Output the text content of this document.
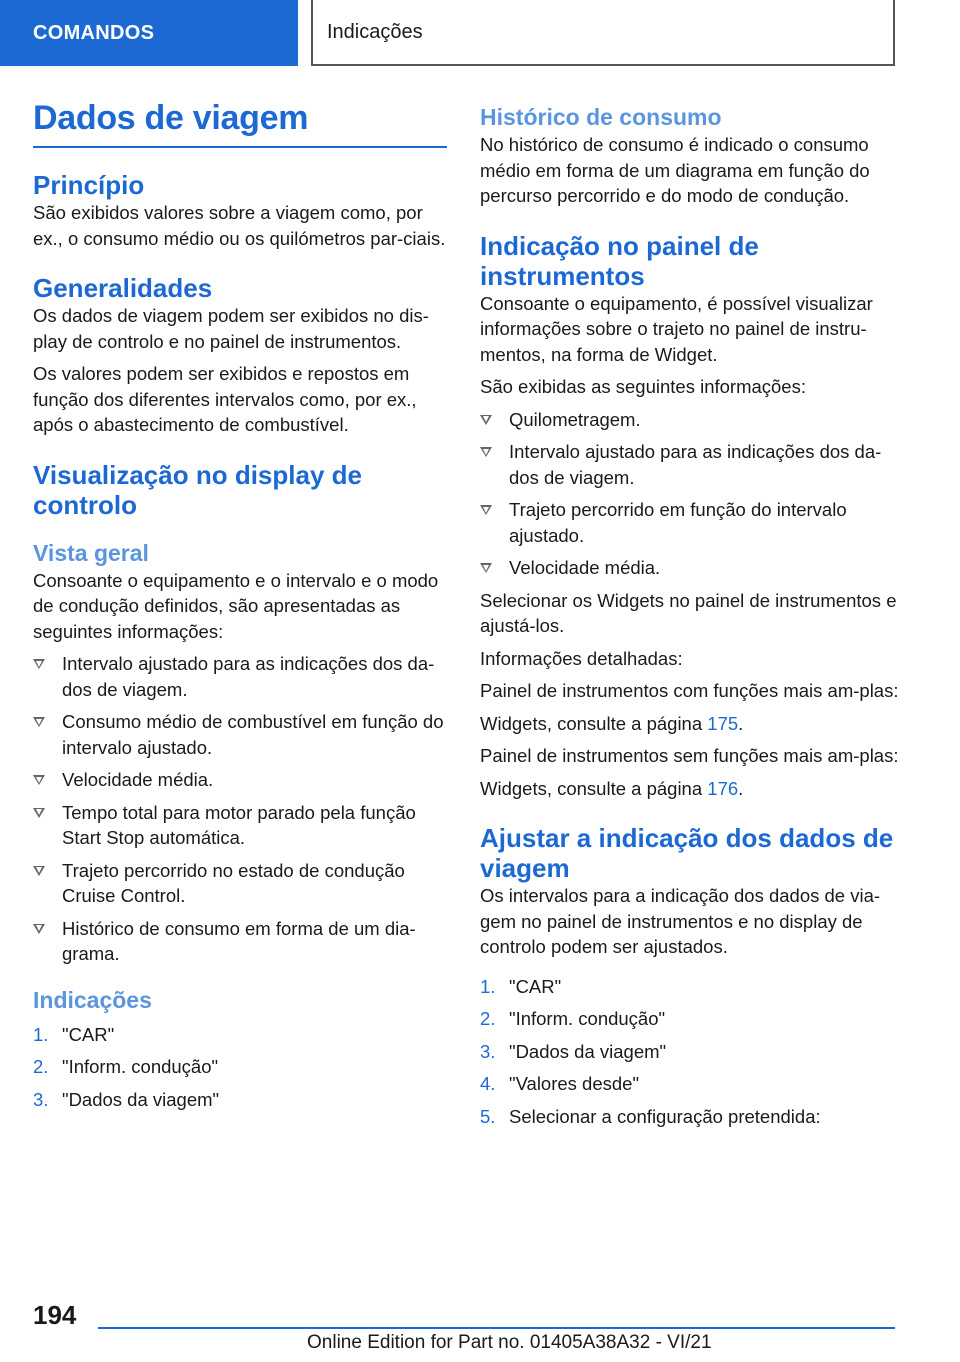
COMANDOS	Indicações
Dados de viagem
Princípio

São exibidos valores sobre a viagem como, por ex., o consumo médio ou os quilómetros par-ciais.

Generalidades

Os dados de viagem podem ser exibidos no dis-play de controlo e no painel de instrumentos.

Os valores podem ser exibidos e repostos em função dos diferentes intervalos como, por ex., após o abastecimento de combustível.

Visualização no display de controlo
Vista geral

Consoante o equipamento e o intervalo e o modo de condução definidos, são apresentadas as seguintes informações:

Intervalo ajustado para as indicações dos da-dos de viagem.
Consumo médio de combustível em função do intervalo ajustado.
Velocidade média.
Tempo total para motor parado pela função Start Stop automática.
Trajeto percorrido no estado de condução Cruise Control.
Histórico de consumo em forma de um dia-grama.
Indicações
1. "CAR"
2. "Inform. condução"
3. "Dados da viagem"
Histórico de consumo

No histórico de consumo é indicado o consumo médio em forma de um diagrama em função do percurso percorrido e do modo de condução.

Indicação no painel de instrumentos

Consoante o equipamento, é possível visualizar informações sobre o trajeto no painel de instru-mentos, na forma de Widget.

São exibidas as seguintes informações:

Quilometragem.
Intervalo ajustado para as indicações dos da-dos de viagem.
Trajeto percorrido em função do intervalo ajustado.
Velocidade média.

Selecionar os Widgets no painel de instrumentos e ajustá-los.

Informações detalhadas:

Painel de instrumentos com funções mais am-plas:

Widgets, consulte a página 175.

Painel de instrumentos sem funções mais am-plas:

Widgets, consulte a página 176.

Ajustar a indicação dos dados de viagem

Os intervalos para a indicação dos dados de via-gem no painel de instrumentos e no display de controlo podem ser ajustados.

1. "CAR"
2. "Inform. condução"
3. "Dados da viagem"
4. "Valores desde"
5. Selecionar a configuração pretendida:
194
Online Edition for Part no. 01405A38A32 - VI/21
